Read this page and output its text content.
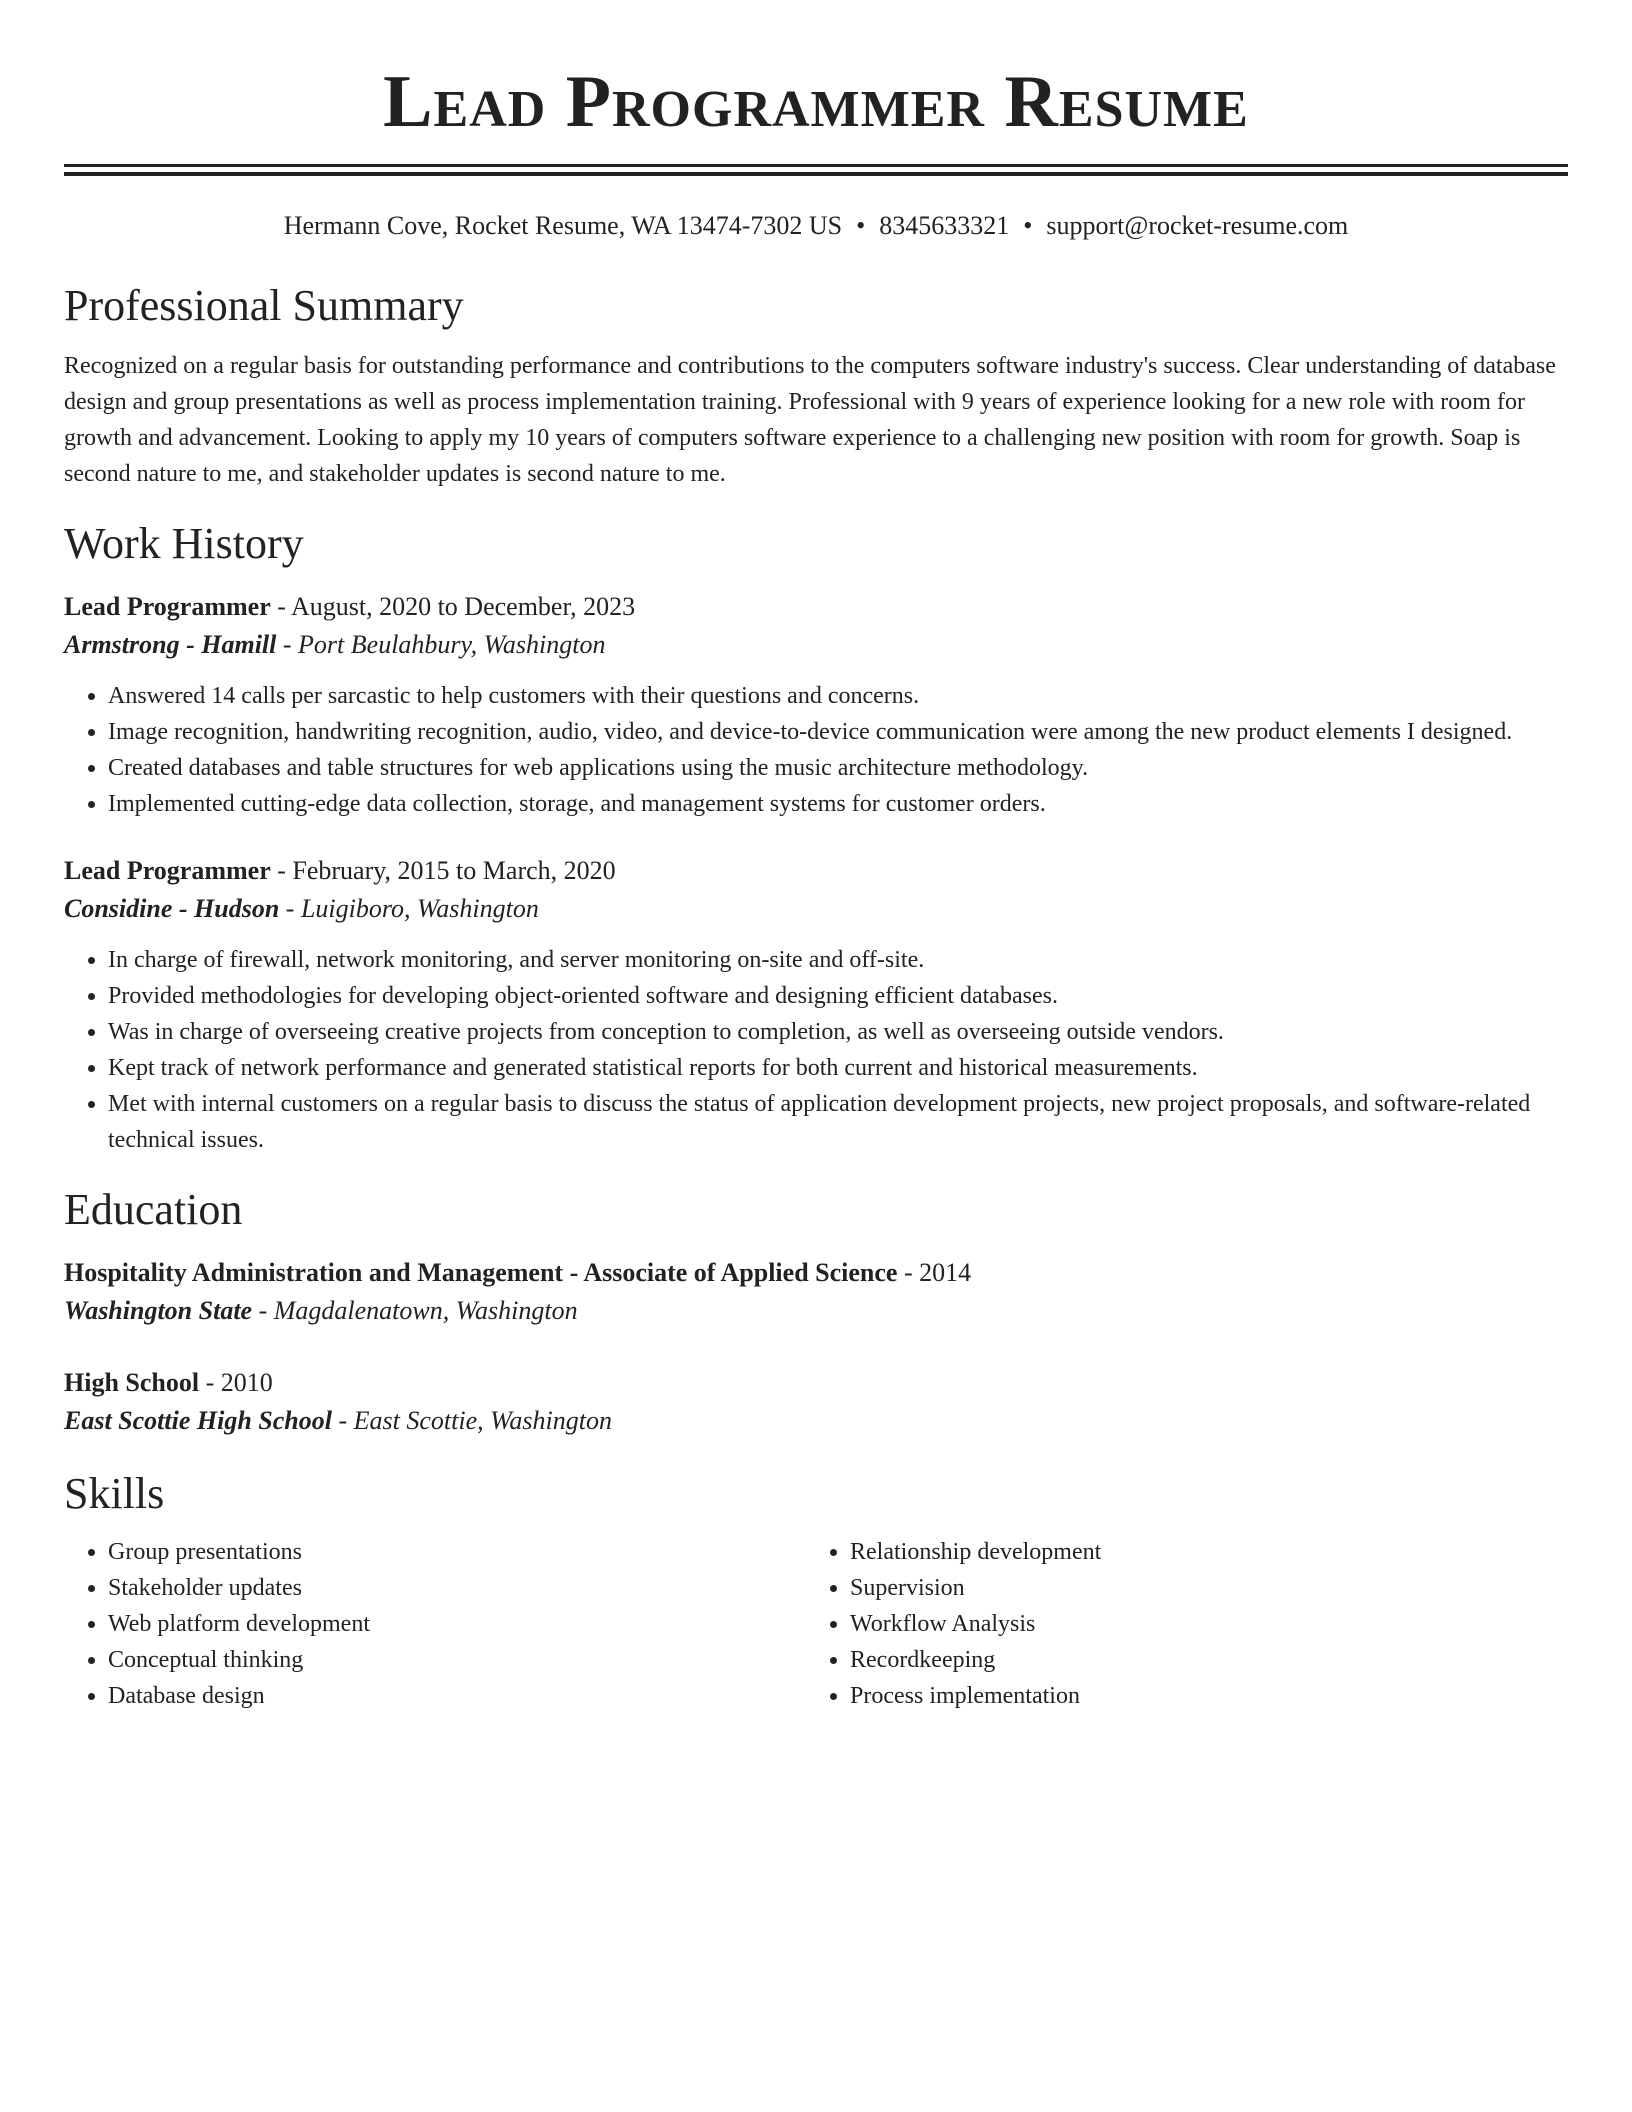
Lead Programmer Resume
Hermann Cove, Rocket Resume, WA 13474-7302 US • 8345633321 • support@rocket-resume.com
Professional Summary

Recognized on a regular basis for outstanding performance and contributions to the computers software industry's success. Clear understanding of database design and group presentations as well as process implementation training. Professional with 9 years of experience looking for a new role with room for growth and advancement. Looking to apply my 10 years of computers software experience to a challenging new position with room for growth. Soap is second nature to me, and stakeholder updates is second nature to me.

Work History
Lead Programmer - August, 2020 to December, 2023
Armstrong - Hamill - Port Beulahbury, Washington
• Answered 14 calls per sarcastic to help customers with their questions and concerns.
• Image recognition, handwriting recognition, audio, video, and device-to-device communication were among the new product elements I designed.
• Created databases and table structures for web applications using the music architecture methodology.
• Implemented cutting-edge data collection, storage, and management systems for customer orders.
Lead Programmer - February, 2015 to March, 2020
Considine - Hudson - Luigiboro, Washington
• In charge of firewall, network monitoring, and server monitoring on-site and off-site.
• Provided methodologies for developing object-oriented software and designing efficient databases.
• Was in charge of overseeing creative projects from conception to completion, as well as overseeing outside vendors.
• Kept track of network performance and generated statistical reports for both current and historical measurements.
• Met with internal customers on a regular basis to discuss the status of application development projects, new project proposals, and software-related technical issues.
Education
Hospitality Administration and Management - Associate of Applied Science - 2014
Washington State - Magdalenatown, Washington
High School - 2010
East Scottie High School - East Scottie, Washington
Skills
• Group presentations
• Stakeholder updates
• Web platform development
• Conceptual thinking
• Database design
• Relationship development
• Supervision
• Workflow Analysis
• Recordkeeping
• Process implementation
